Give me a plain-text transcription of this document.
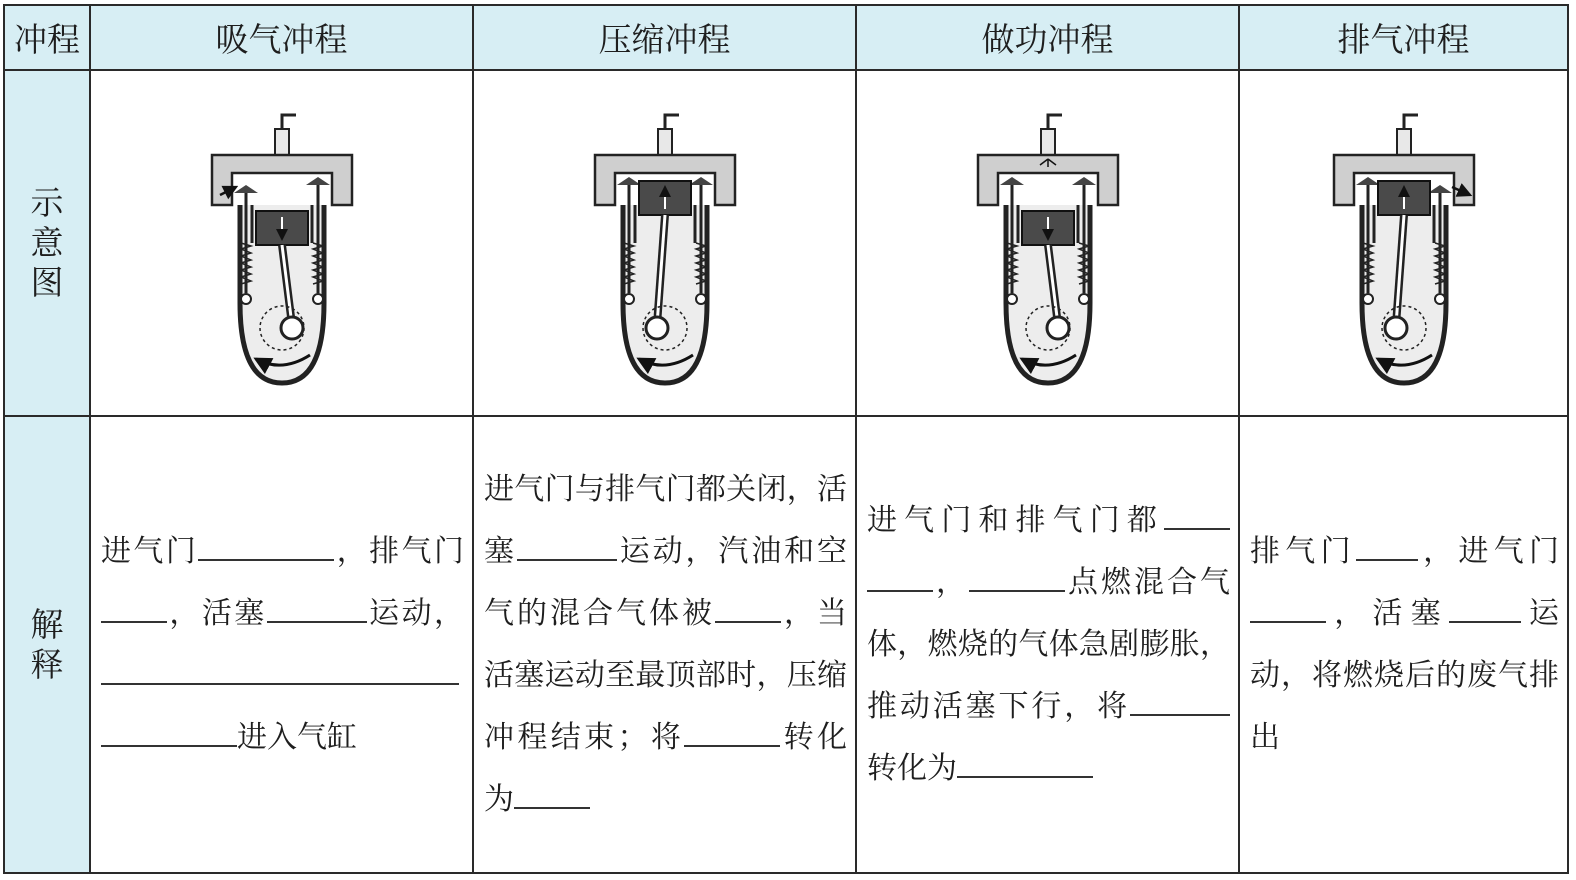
冲程	吸气冲程	压缩冲程	做功冲程	排气冲程

示意图

解释	进气门 ，排气门，活塞 运动，进入气缸	进气门与排气门都关闭，活塞 运动，汽油和空气的混合气体被 ，当活塞运动至最顶部时，压缩冲程结束；将 转化为	进气门和排气门都， 点燃混合气体，燃烧的气体急剧膨胀，推动活塞下行，将转化为	排气门 ，进气门，活塞 运动，将燃烧后的废气排出
